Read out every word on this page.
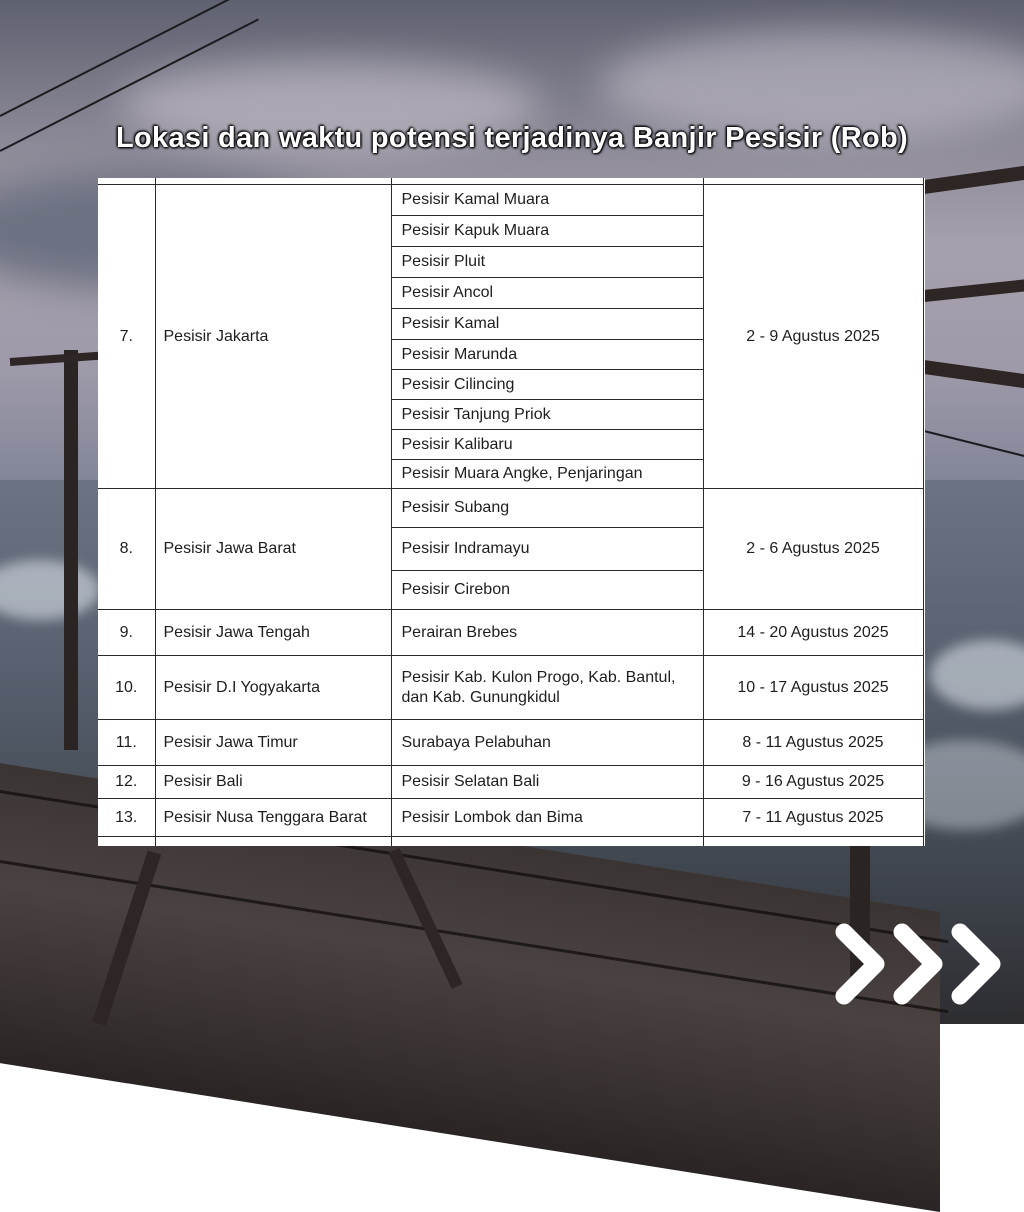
Lokasi dan waktu potensi terjadinya Banjir Pesisir (Rob)

7.	Pesisir Jakarta	Pesisir Kamal Muara	2 - 9 Agustus 2025
		Pesisir Kapuk Muara	
		Pesisir Pluit	
		Pesisir Ancol	
		Pesisir Kamal	
		Pesisir Marunda	
		Pesisir Cilincing	
		Pesisir Tanjung Priok	
		Pesisir Kalibaru	
		Pesisir Muara Angke, Penjaringan	
8.	Pesisir Jawa Barat	Pesisir Subang	2 - 6 Agustus 2025
		Pesisir Indramayu	
		Pesisir Cirebon	
9.	Pesisir Jawa Tengah	Perairan Brebes	14 - 20 Agustus 2025
10.	Pesisir D.I Yogyakarta	Pesisir Kab. Kulon Progo, Kab. Bantul,
dan Kab. Gunungkidul	10 - 17 Agustus 2025
11.	Pesisir Jawa Timur	Surabaya Pelabuhan	8 - 11 Agustus 2025
12.	Pesisir Bali	Pesisir Selatan Bali	9 - 16 Agustus 2025
13.	Pesisir Nusa Tenggara Barat	Pesisir Lombok dan Bima	7 - 11 Agustus 2025
